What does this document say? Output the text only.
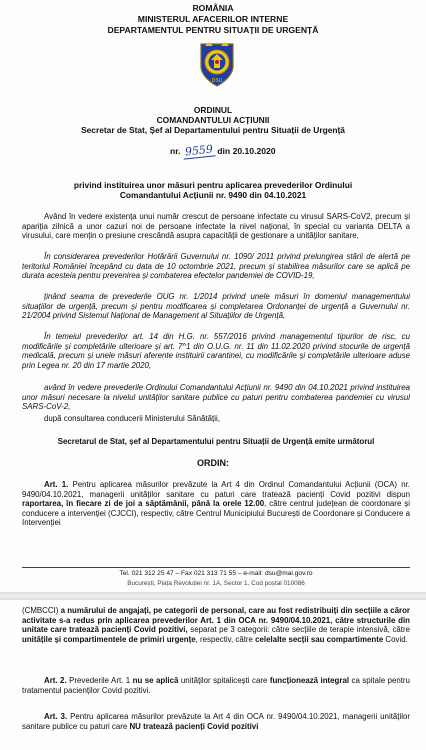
ROMÂNIA
MINISTERUL AFACERILOR INTERNE
DEPARTAMENTUL PENTRU SITUAȚII DE URGENȚĂ
DSU
ORDINUL
COMANDANTULUI ACȚIUNII
Secretar de Stat, Șef al Departamentului pentru Situații de Urgență
nr. 9559 din 20.10.2020
privind instituirea unor măsuri pentru aplicarea prevederilor Ordinului
Comandantului Acțiunii nr. 9490 din 04.10.2021
Având în vedere existența unui număr crescut de persoane infectate cu virusul SARS-CoV2, precum și apariția zilnică a unor cazuri noi de persoane infectate la nivel național, în special cu varianta DELTA a virusului, care mențin o presiune crescândă asupra capacității de gestionare a unităților sanitare,
În considerarea prevederilor Hotărârii Guvernului nr. 1090/ 2011 privind prelungirea stării de alertă pe teritoriul României începând cu data de 10 octombrie 2021, precum și stabilirea măsurilor care se aplică pe durata acesteia pentru prevenirea și combaterea efectelor pandemiei de COVID-19,
ținând seama de prevederile OUG nr. 1/2014 privind unele măsuri în domeniul managementului situațiilor de urgență, precum și pentru modificarea și completarea Ordonanței de urgență a Guvernului nr. 21/2004 privind Sistemul Național de Management al Situațiilor de Urgență,
În temeiul prevederilor art. 14 din H.G. nr. 557/2016 privind managementul tipurilor de risc, cu modificările și completările ulterioare și art. 7^1 din O.U.G. nr. 11 din 11.02.2020 privind stocurile de urgență medicală, precum și unele măsuri aferente instituirii carantinei, cu modificările și completările ulterioare aduse prin Legea nr. 20 din 17 martie 2020,
având în vedere prevederile Ordinului Comandantului Acțiunii nr. 9490 din 04.10.2021 privind instituirea unor măsuri necesare la nivelul unităților sanitare publice cu paturi pentru combaterea pandemiei cu virusul SARS-CoV-2,
după consultarea conducerii Ministerului Sănătății,
Secretarul de Stat, șef al Departamentului pentru Situații de Urgență emite următorul
ORDIN:
Art. 1. Pentru aplicarea măsurilor prevăzute la Art 4 din Ordinul Comandantului Acțiunii (OCA) nr. 9490/04.10.2021, managerii unităților sanitare cu paturi care tratează pacienți Covid pozitivi dispun raportarea, în fiecare zi de joi a săptămânii, până la orele 12.00, către centrul județean de coordonare și conducere a intervenției (CJCCI), respectiv, către Centrul Municipiului București de Coordonare și Conducere a Intervenției
Tel. 021 312 25 47 – Fax 021 313 71 55 – e-mail: dsu@mai.gov.ro
București, Piața Revoluției nr. 1A, Sector 1, Cod poștal 010086
(CMBCCI) a numărului de angajați, pe categorii de personal, care au fost redistribuiți din secțiile a căror activitate s-a redus prin aplicarea prevederilor Art. 1 din OCA nr. 9490/04.10.2021, către structurile din unitate care tratează pacienți Covid pozitivi, separat pe 3 categorii: către secțiile de terapie intensivă, către unitățile și compartimentele de primiri urgențe, respectiv, către celelalte secții sau compartimente Covid.
Art. 2. Prevederile Art. 1 nu se aplică unităților spitalicești care funcționează integral ca spitale pentru tratamentul pacienților Covid pozitivi.
Art. 3. Pentru aplicarea măsurilor prevăzute la Art 4 din OCA nr. 9490/04.10.2021, managerii unităților sanitare publice cu paturi care NU tratează pacienți Covid pozitivi
